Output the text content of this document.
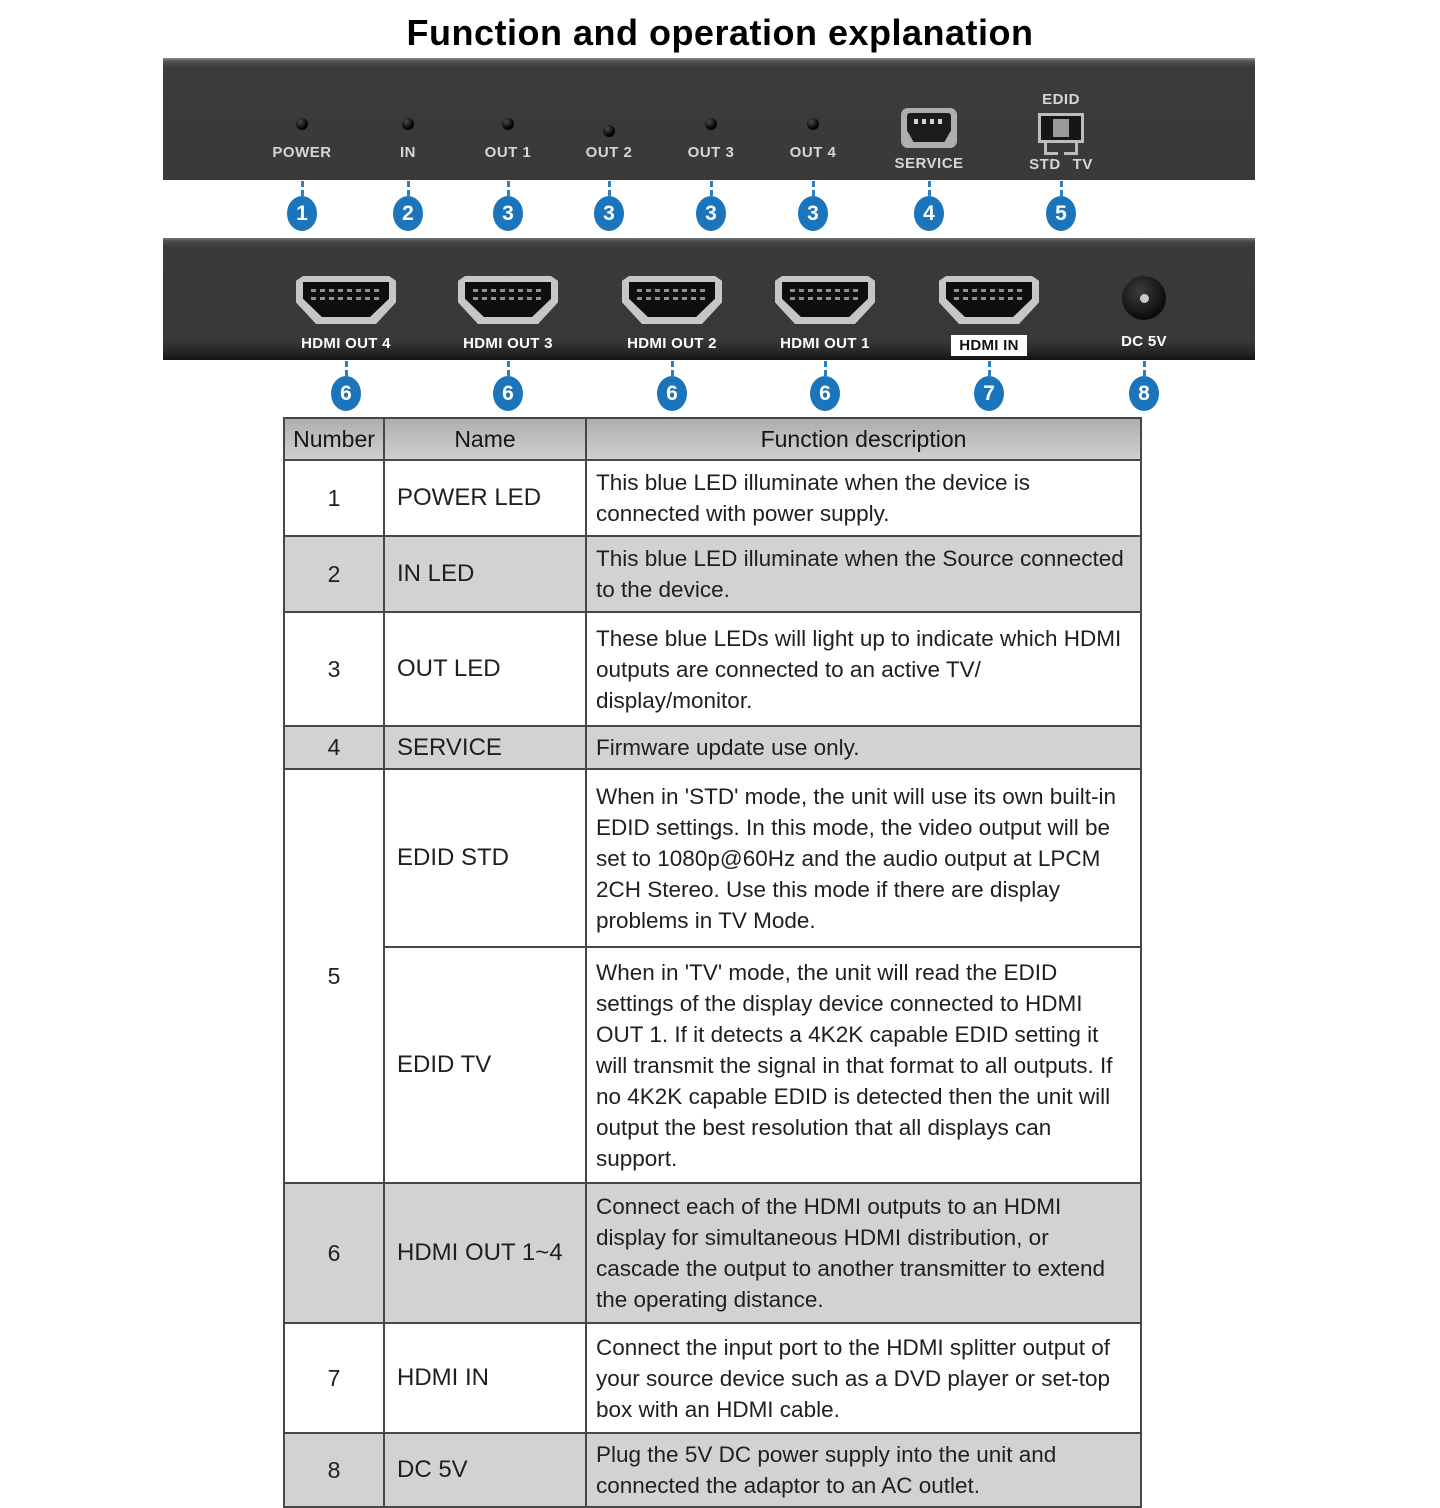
Function and operation explanation
POWER	IN	OUT 1	OUT 2	OUT 3	OUT 4
SERVICE
EDID
STD TV
1	2	3	3	3	3	4	5
HDMI OUT 4	HDMI OUT 3	HDMI OUT 2	HDMI OUT 1	HDMI IN	DC 5V
6	6	6	6	7	8
Number	Name	Function description
1	POWER LED	This blue LED illuminate when the device is connected with power supply.
2	IN LED	This blue LED illuminate when the Source connected to the device.
3	OUT LED	These blue LEDs will light up to indicate which HDMI outputs are connected to an active TV/ display/monitor.
4	SERVICE	Firmware update use only.
5	EDID STD	When in 'STD' mode, the unit will use its own built-in EDID settings. In this mode, the video output will be set to 1080p@60Hz and the audio output at LPCM 2CH Stereo. Use this mode if there are display problems in TV Mode.
	EDID TV	When in 'TV' mode, the unit will read the EDID settings of the display device connected to HDMI OUT 1. If it detects a 4K2K capable EDID setting it will transmit the signal in that format to all outputs. If no 4K2K capable EDID is detected then the unit will output the best resolution that all displays can support.
6	HDMI OUT 1~4	Connect each of the HDMI outputs to an HDMI display for simultaneous HDMI distribution, or cascade the output to another transmitter to extend the operating distance.
7	HDMI IN	Connect the input port to the HDMI splitter output of your source device such as a DVD player or set-top box with an HDMI cable.
8	DC 5V	Plug the 5V DC power supply into the unit and connected the adaptor to an AC outlet.
